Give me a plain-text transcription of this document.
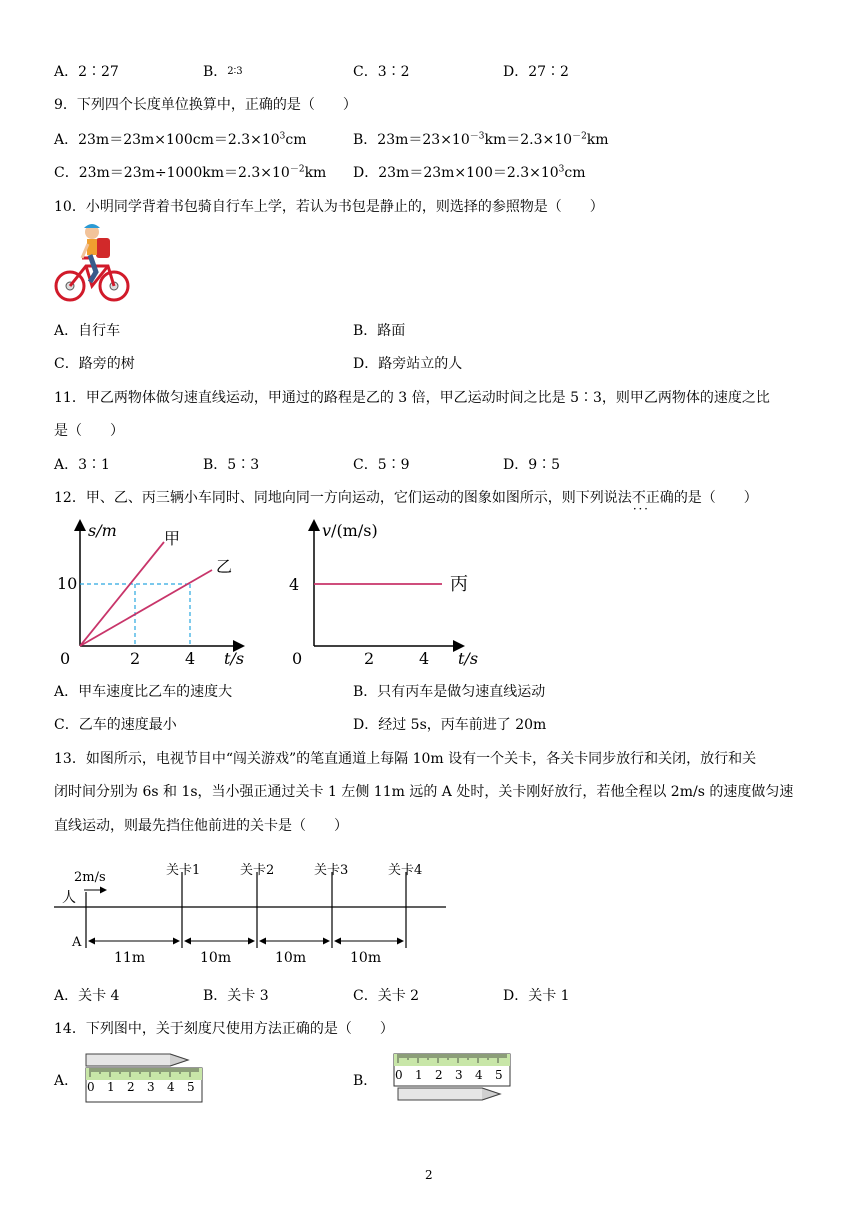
A．2∶27	B．2∶3	C．3∶2	D．27∶2
9．下列四个长度单位换算中，正确的是（　　）
A．$23m=23m\times 100cm=2.3\times 10^3cm$	B．$23m=23\times 10^{-3}km=2.3\times 10^{-2}km$
C．$23m=23m\div 1000km=2.3\times 10^{-2}km$ D．$23m=23m\times 100=2.3\times 10^3cm$
10．小明同学背着书包骑自行车上学，若认为书包是静止的，则选择的参照物是（　　）
A．自行车	B．路面
C．路旁的树	D．路旁站立的人
11．甲乙两物体做匀速直线运动，甲通过的路程是乙的 3 倍，甲乙运动时间之比是 5∶3，则甲乙两物体的速度之比
是（　　）
A．3∶1	B．5∶3	C．5∶9	D．9∶5
12．甲、乙、丙三辆小车同时、同地向同一方向运动，它们运动的图象如图所示，则下列说法不正确 · · ·的是（　　）
s/m	甲
乙
10
0	2	4 t/s
v/(m/s)
丙
4
0	2	4 t/s
A．甲车速度比乙车的速度大	B．只有丙车是做匀速直线运动
C．乙车的速度最小	D．经过 5s，丙车前进了 20m
13．如图所示，电视节目中“闯关游戏”的笔直通道上每隔 10m 设有一个关卡，各关卡同步放行和关闭，放行和关
闭时间分别为 6s 和 1s，当小强正通过关卡 1 左侧 11m 远的 A 处时，关卡刚好放行，若他全程以 2m/s 的速度做匀速
直线运动，则最先挡住他前进的关卡是（　　）
2m/s
人
A
关卡1	关卡2	关卡3	关卡4
11m	10m	10m	10m
A．关卡 4	B．关卡 3	C．关卡 2	D．关卡 1
14．下列图中，关于刻度尺使用方法正确的是（　　）
A．	B．
0 1 2 3 4 5
0 1 2 3 4 5
2
